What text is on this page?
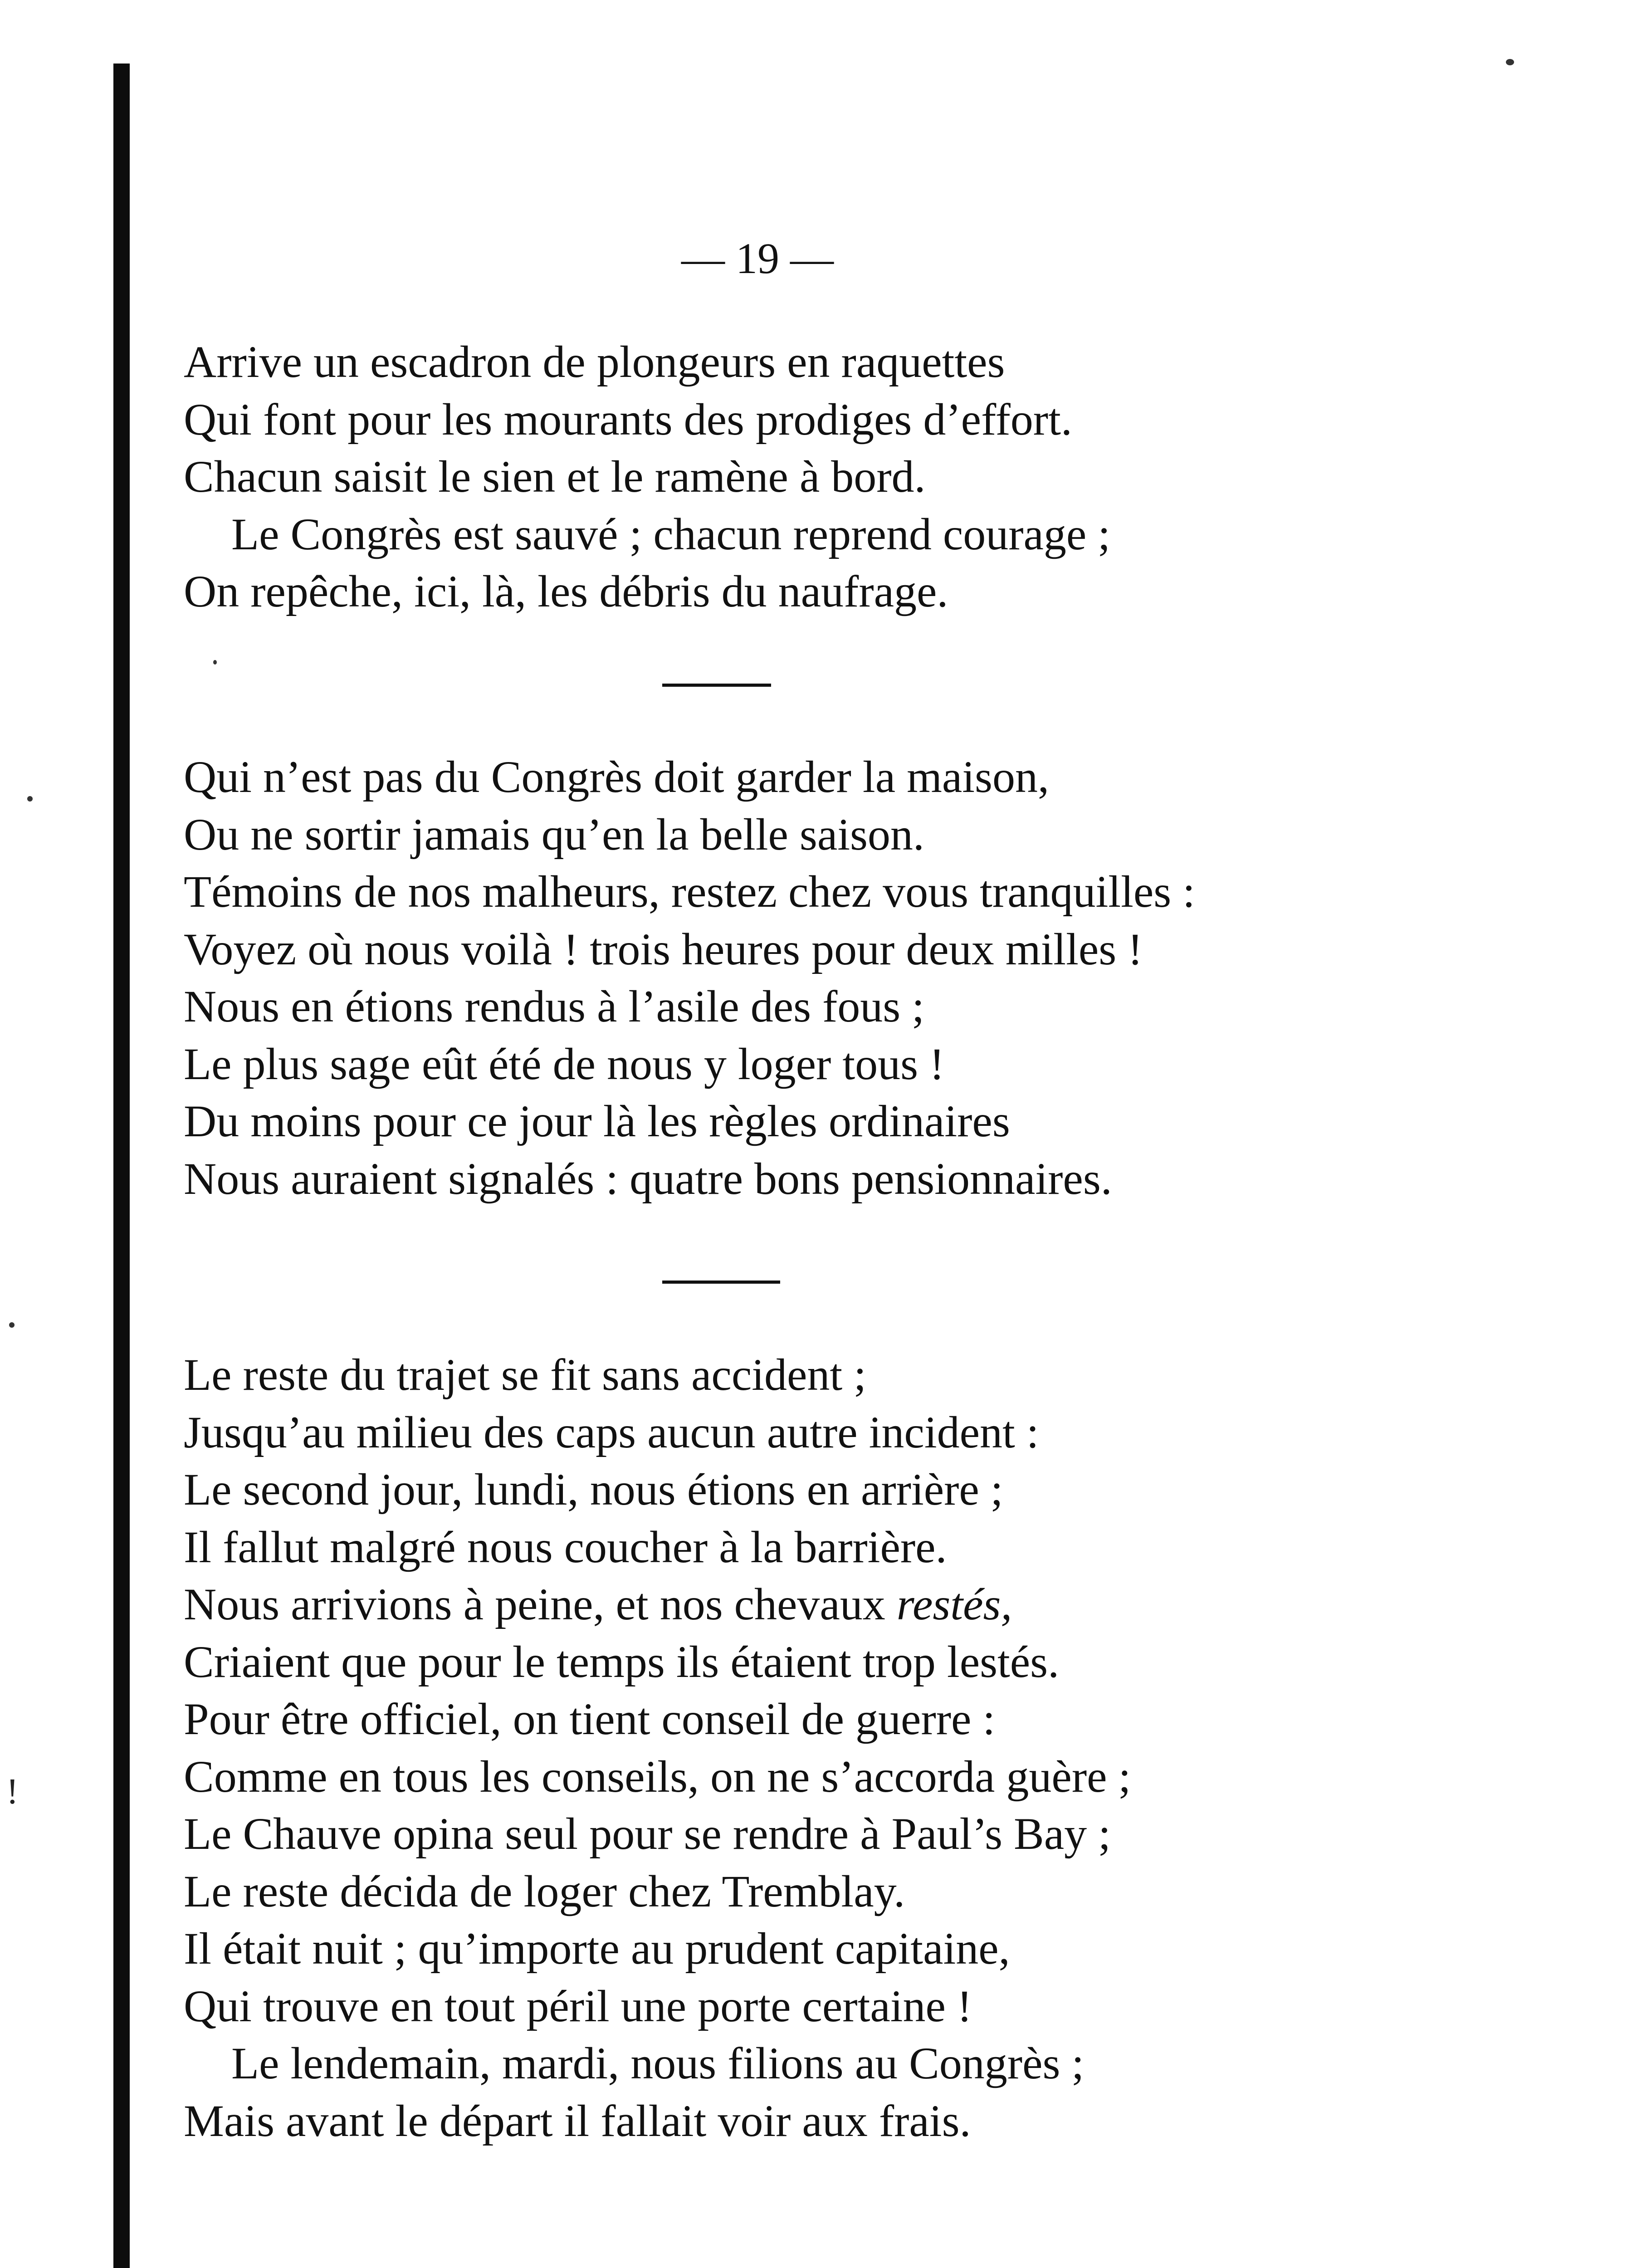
— 19 —
Arrive un escadron de plongeurs en raquettes
Qui font pour les mourants des prodiges d’effort.
Chacun saisit le sien et le ramène à bord.
Le Congrès est sauvé ; chacun reprend courage ;
On repêche, ici, là, les débris du naufrage.
Qui n’est pas du Congrès doit garder la maison,
Ou ne sortir jamais qu’en la belle saison.
Témoins de nos malheurs, restez chez vous tranquilles :
Voyez où nous voilà ! trois heures pour deux milles !
Nous en étions rendus à l’asile des fous ;
Le plus sage eût été de nous y loger tous !
Du moins pour ce jour là les règles ordinaires
Nous auraient signalés : quatre bons pensionnaires.
Le reste du trajet se fit sans accident ;
Jusqu’au milieu des caps aucun autre incident :
Le second jour, lundi, nous étions en arrière ;
Il fallut malgré nous coucher à la barrière.
Nous arrivions à peine, et nos chevaux restés,
Criaient que pour le temps ils étaient trop lestés.
Pour être officiel, on tient conseil de guerre :
Comme en tous les conseils, on ne s’accorda guère ;
Le Chauve opina seul pour se rendre à Paul’s Bay ;
Le reste décida de loger chez Tremblay.
Il était nuit ; qu’importe au prudent capitaine,
Qui trouve en tout péril une porte certaine !
Le lendemain, mardi, nous filions au Congrès ;
Mais avant le départ il fallait voir aux frais.
!
